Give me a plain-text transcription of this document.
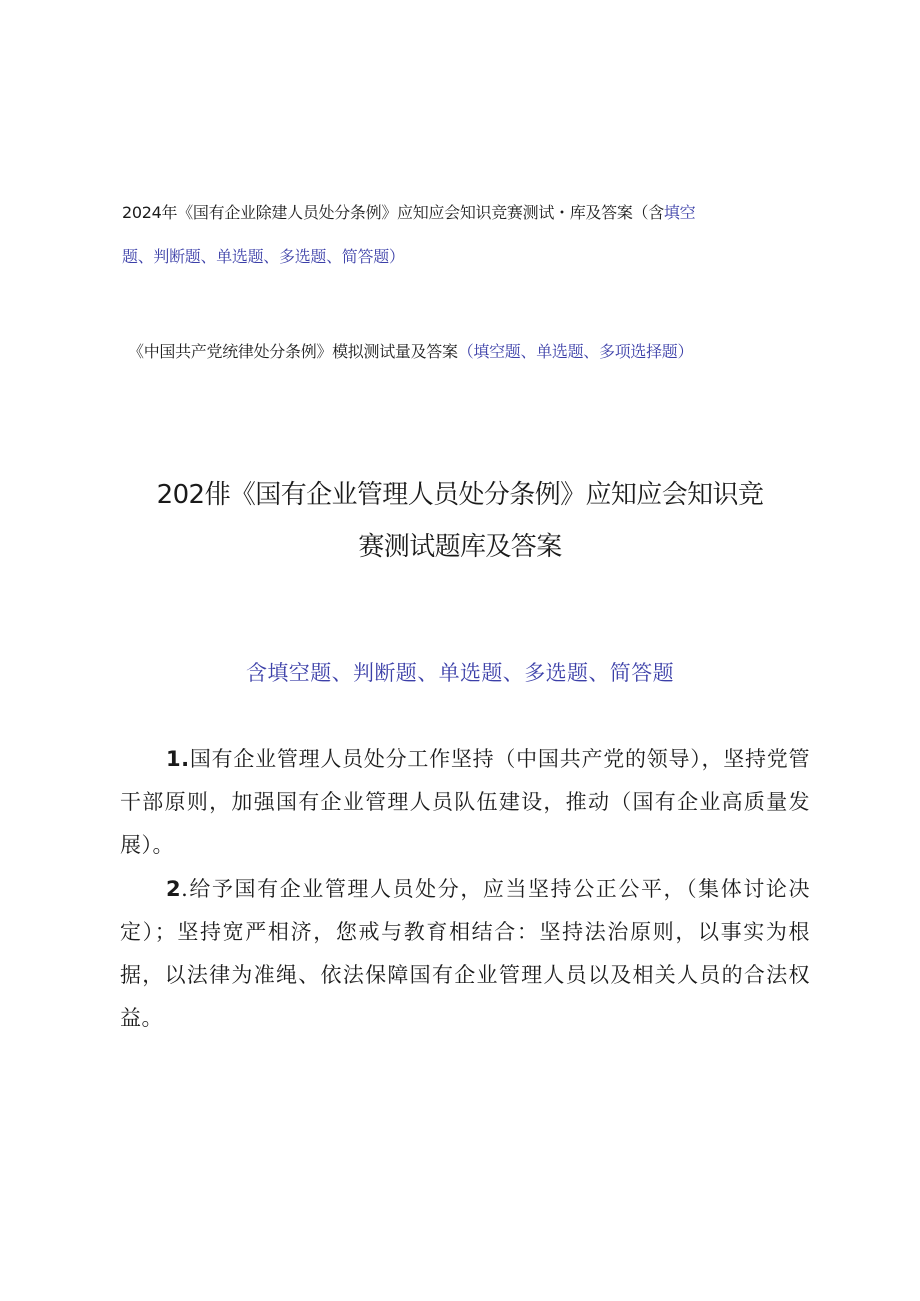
2024年《国有企业除建人员处分条例》应知应会知识竞赛测试・库及答案（含填空
题、判断题、单选题、多选题、简答题）
《中国共产党统律处分条例》模拟测试量及答案（填空题、单选题、多项选择题）
202俳《国有企业管理人员处分条例》应知应会知识竞
赛测试题库及答案
含填空题、判断题、单选题、多选题、简答题
1.国有企业管理人员处分工作坚持（中国共产党的领导），坚持党管干部原则，加强国有企业管理人员队伍建设，推动（国有企业高质量发展）。
2.给予国有企业管理人员处分，应当坚持公正公平，（集体讨论决定）；坚持宽严相济，您戒与教育相结合：坚持法治原则，以事实为根据，以法律为准绳、依法保障国有企业管理人员以及相关人员的合法权益。
